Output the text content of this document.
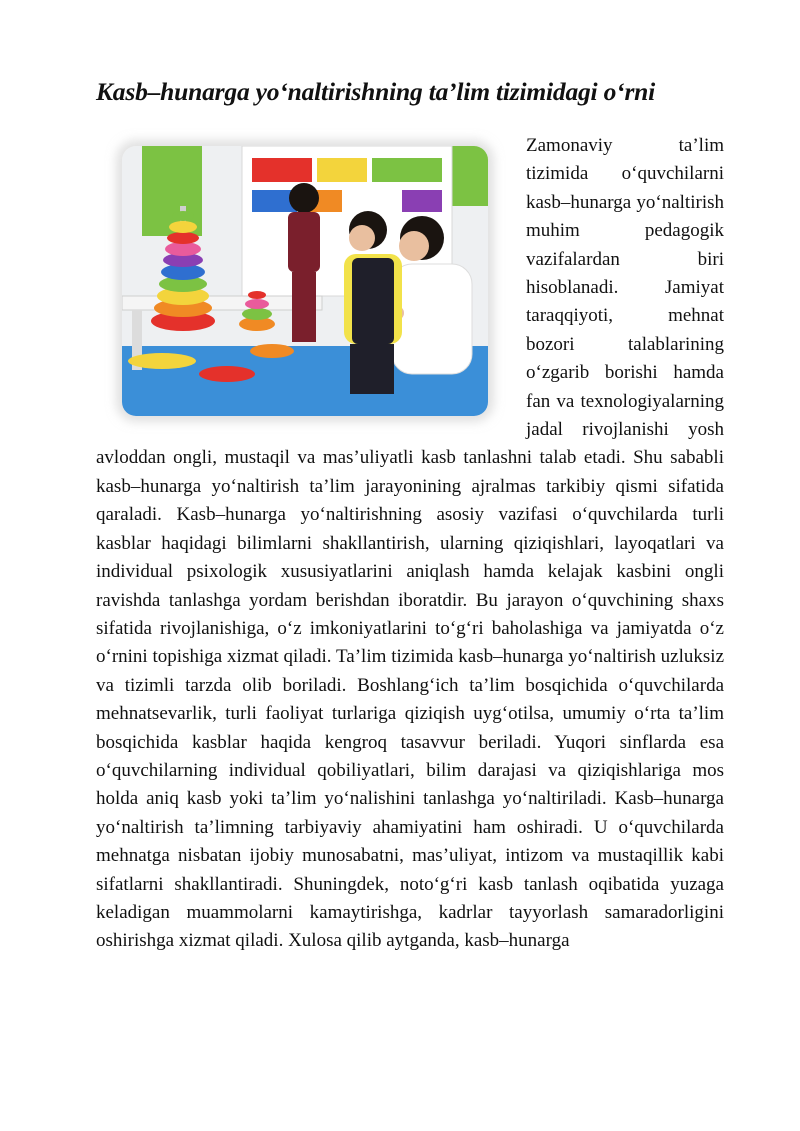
Kasb–hunarga yo‘naltirishning ta’lim tizimidagi o‘rni

Zamonaviy ta’lim tizimida o‘quvchilarni kasb–hunarga yo‘naltirish muhim pedagogik vazifalardan biri hisoblanadi. Jamiyat taraqqiyoti, mehnat bozori talablarining o‘zgarib borishi hamda fan va texnologiyalarning jadal rivojlanishi yosh avloddan ongli, mustaqil va mas’uliyatli kasb tanlashni talab etadi. Shu sababli kasb–hunarga yo‘naltirish ta’lim jarayonining ajralmas tarkibiy qismi sifatida qaraladi. Kasb–hunarga yo‘naltirishning asosiy vazifasi o‘quvchilarda turli kasblar haqidagi bilimlarni shakllantirish, ularning qiziqishlari, layoqatlari va individual psixologik xususiyatlarini aniqlash hamda kelajak kasbini ongli ravishda tanlashga yordam berishdan iboratdir. Bu jarayon o‘quvchining shaxs sifatida rivojlanishiga, o‘z imkoniyatlarini to‘g‘ri baholashiga va jamiyatda o‘z o‘rnini topishiga xizmat qiladi. Ta’lim tizimida kasb–hunarga yo‘naltirish uzluksiz va tizimli tarzda olib boriladi. Boshlang‘ich ta’lim bosqichida o‘quvchilarda mehnatsevarlik, turli faoliyat turlariga qiziqish uyg‘otilsa, umumiy o‘rta ta’lim bosqichida kasblar haqida kengroq tasavvur beriladi. Yuqori sinflarda esa o‘quvchilarning individual qobiliyatlari, bilim darajasi va qiziqishlariga mos holda aniq kasb yoki ta’lim yo‘nalishini tanlashga yo‘naltiriladi. Kasb–hunarga yo‘naltirish ta’limning tarbiyaviy ahamiyatini ham oshiradi. U o‘quvchilarda mehnatga nisbatan ijobiy munosabatni, mas’uliyat, intizom va mustaqillik kabi sifatlarni shakllantiradi. Shuningdek, noto‘g‘ri kasb tanlash oqibatida yuzaga keladigan muammolarni kamaytirishga, kadrlar tayyorlash samaradorligini oshirishga xizmat qiladi. Xulosa qilib aytganda, kasb–hunarga
